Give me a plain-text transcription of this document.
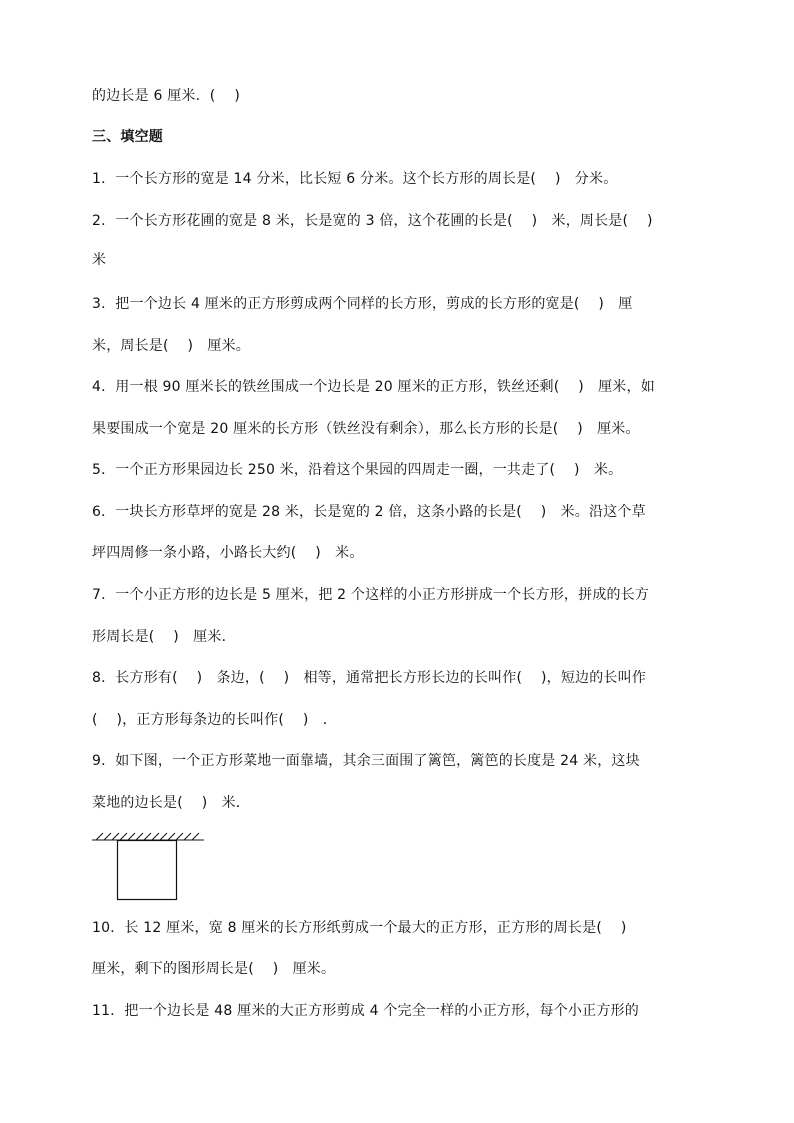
的边长是 6 厘米．(　 )
三、填空题
1．一个长方形的宽是 14 分米，比长短 6 分米。这个长方形的周长是(　 )　分米。
2．一个长方形花圃的宽是 8 米，长是宽的 3 倍，这个花圃的长是(　 )　米，周长是(　 )
米
3．把一个边长 4 厘米的正方形剪成两个同样的长方形，剪成的长方形的宽是(　 )　厘
米，周长是(　 )　厘米。
4．用一根 90 厘米长的铁丝围成一个边长是 20 厘米的正方形，铁丝还剩(　 )　厘米，如
果要围成一个宽是 20 厘米的长方形（铁丝没有剩余），那么长方形的长是(　 )　厘米。
5．一个正方形果园边长 250 米，沿着这个果园的四周走一圈，一共走了(　 )　米。
6．一块长方形草坪的宽是 28 米，长是宽的 2 倍，这条小路的长是(　 )　米。沿这个草
坪四周修一条小路，小路长大约(　 )　米。
7．一个小正方形的边长是 5 厘米，把 2 个这样的小正方形拼成一个长方形，拼成的长方
形周长是(　 )　厘米．
8．长方形有(　 )　条边，(　 )　相等，通常把长方形长边的长叫作(　 )，短边的长叫作
(　 )，正方形每条边的长叫作(　 )　．
9．如下图，一个正方形菜地一面靠墙，其余三面围了篱笆，篱笆的长度是 24 米，这块
菜地的边长是(　 )　米．
10．长 12 厘米，宽 8 厘米的长方形纸剪成一个最大的正方形，正方形的周长是(　 )
厘米，剩下的图形周长是(　 )　厘米。
11．把一个边长是 48 厘米的大正方形剪成 4 个完全一样的小正方形，每个小正方形的
